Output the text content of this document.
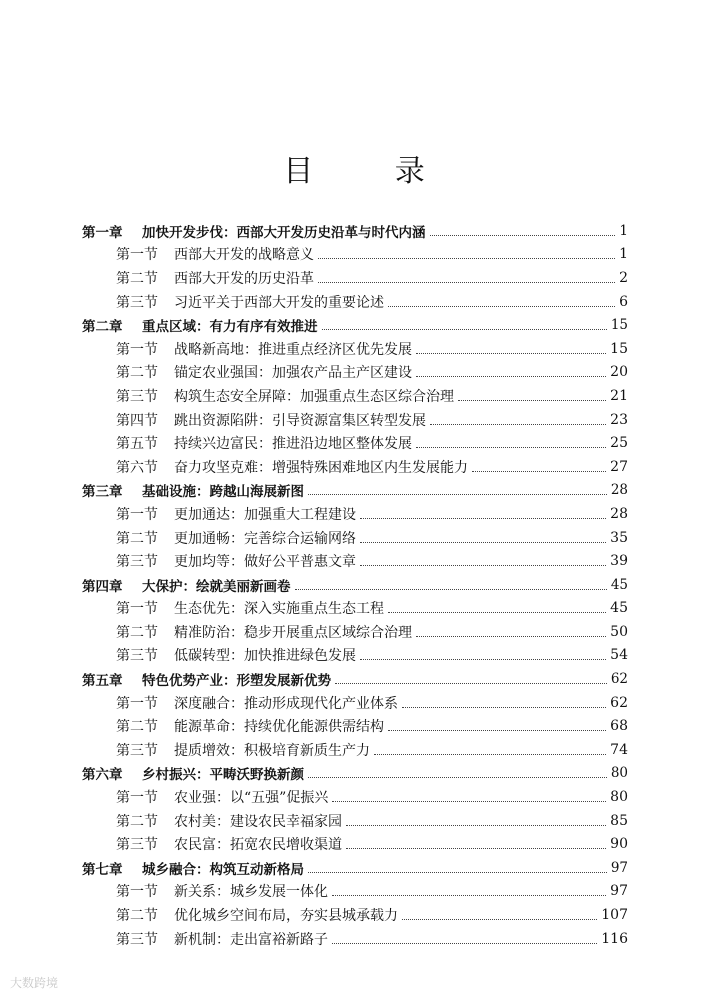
目 录
第一章	加快开发步伐：西部大开发历史沿革与时代内涵	1
第一节	西部大开发的战略意义	1
第二节	西部大开发的历史沿革	2
第三节	习近平关于西部大开发的重要论述	6
第二章	重点区域：有力有序有效推进	15
第一节	战略新高地：推进重点经济区优先发展	15
第二节	锚定农业强国：加强农产品主产区建设	20
第三节	构筑生态安全屏障：加强重点生态区综合治理	21
第四节	跳出资源陷阱：引导资源富集区转型发展	23
第五节	持续兴边富民：推进沿边地区整体发展	25
第六节	奋力攻坚克难：增强特殊困难地区内生发展能力	27
第三章	基础设施：跨越山海展新图	28
第一节	更加通达：加强重大工程建设	28
第二节	更加通畅：完善综合运输网络	35
第三节	更加均等：做好公平普惠文章	39
第四章	大保护：绘就美丽新画卷	45
第一节	生态优先：深入实施重点生态工程	45
第二节	精准防治：稳步开展重点区域综合治理	50
第三节	低碳转型：加快推进绿色发展	54
第五章	特色优势产业：形塑发展新优势	62
第一节	深度融合：推动形成现代化产业体系	62
第二节	能源革命：持续优化能源供需结构	68
第三节	提质增效：积极培育新质生产力	74
第六章	乡村振兴：平畴沃野换新颜	80
第一节	农业强：以“五强”促振兴	80
第二节	农村美：建设农民幸福家园	85
第三节	农民富：拓宽农民增收渠道	90
第七章	城乡融合：构筑互动新格局	97
第一节	新关系：城乡发展一体化	97
第二节	优化城乡空间布局，夯实县城承载力	107
第三节	新机制：走出富裕新路子	116
大数跨境
